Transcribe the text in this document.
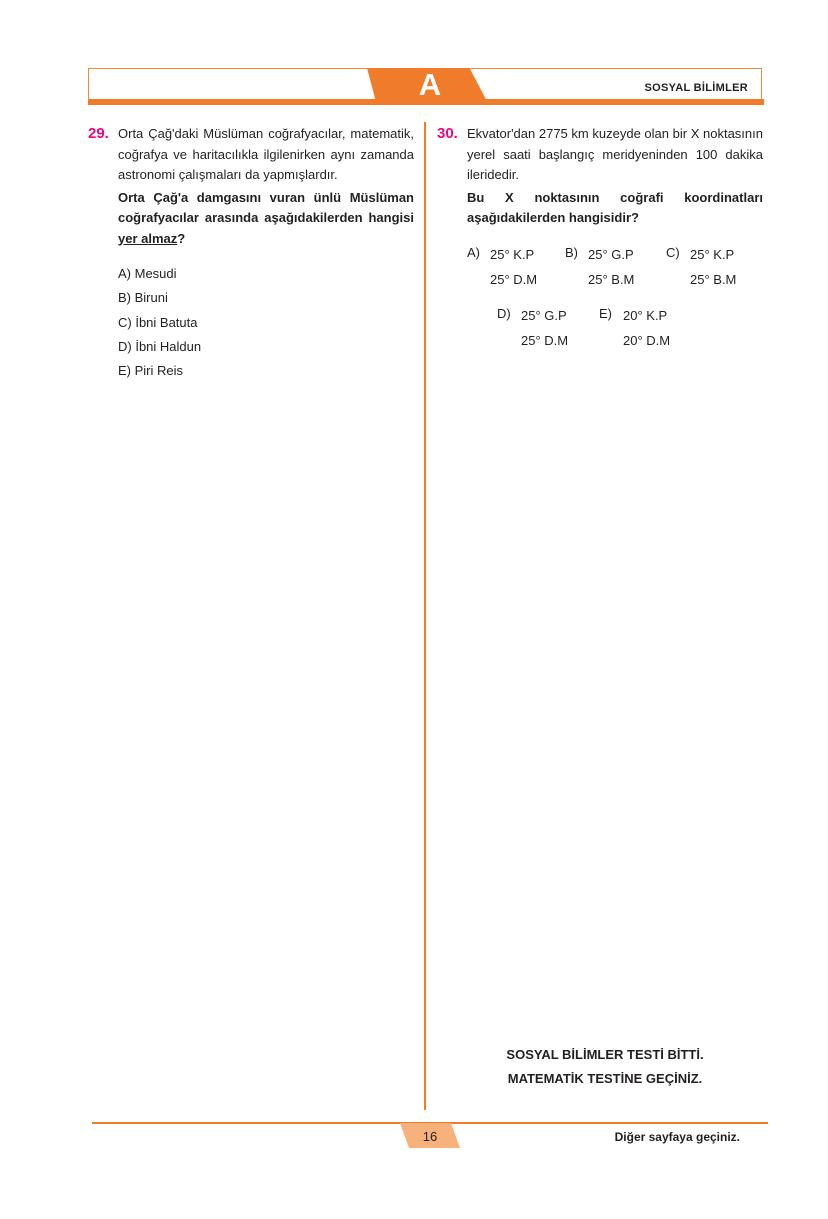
A	SOSYAL BİLİMLER
29. Orta Çağ'daki Müslüman coğrafyacılar, matematik, coğrafya ve haritacılıkla ilgilenirken aynı zamanda astronomi çalışmaları da yapmışlardır.

Orta Çağ'a damgasını vuran ünlü Müslüman coğrafyacılar arasında aşağıdakilerden hangisi yer almaz?

A) Mesudi
B) Biruni
C) İbni Batuta
D) İbni Haldun
E) Piri Reis
30. Ekvator'dan 2775 km kuzeyde olan bir X noktasının yerel saati başlangıç meridyeninden 100 dakika ileridedir.

Bu X noktasının coğrafi koordinatları aşağıdakilerden hangisidir?

A) 25° K.P
25° D.M
B) 25° G.P
25° B.M
C) 25° K.P
25° B.M
D) 25° G.P
25° D.M
E) 20° K.P
20° D.M
SOSYAL BİLİMLER TESTİ BİTTİ.
MATEMATİK TESTİNE GEÇİNİZ.
16	Diğer sayfaya geçiniz.
